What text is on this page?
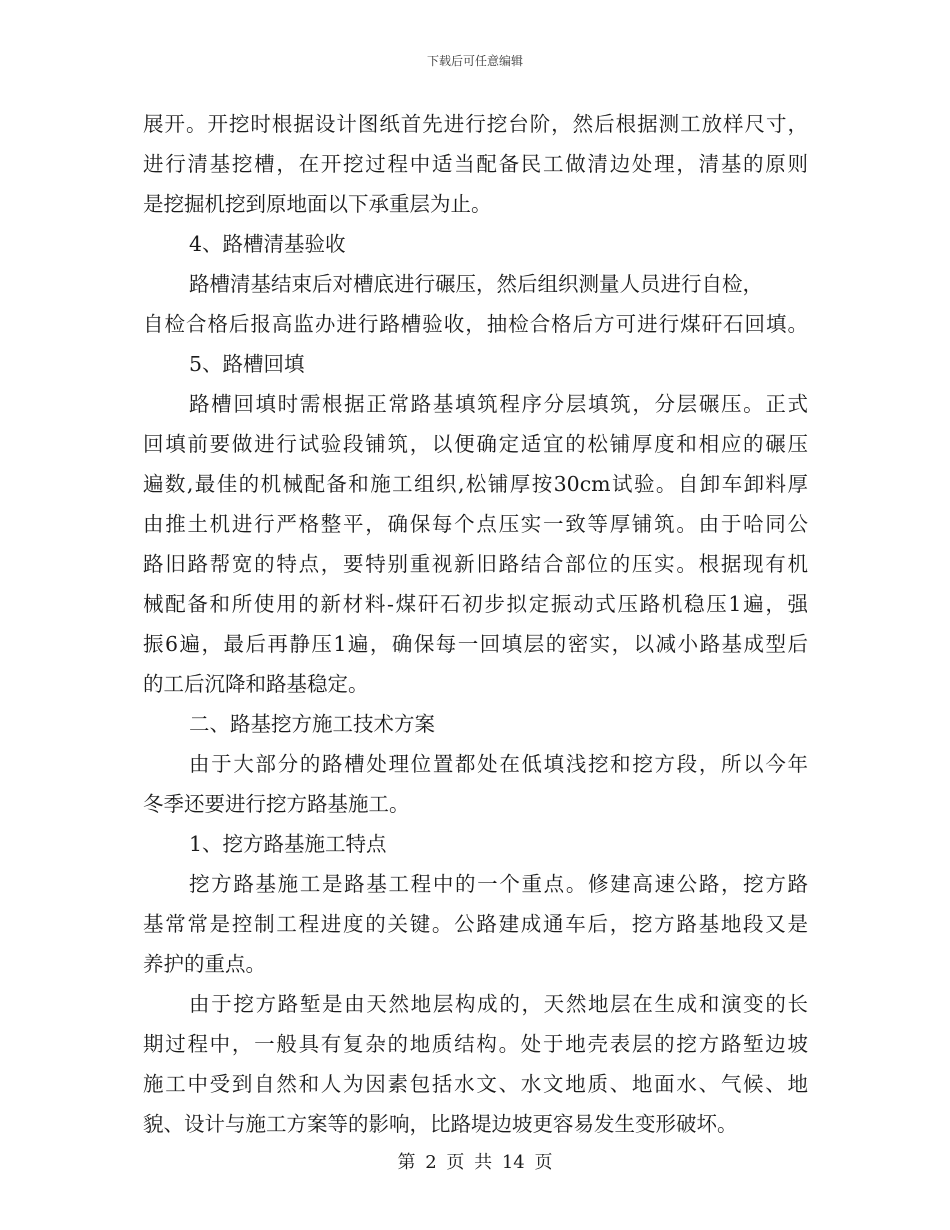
下载后可任意编辑
展开。开挖时根据设计图纸首先进行挖台阶，然后根据测工放样尺寸，
进行清基挖槽，在开挖过程中适当配备民工做清边处理，清基的原则
是挖掘机挖到原地面以下承重层为止。
4、路槽清基验收
路槽清基结束后对槽底进行碾压，然后组织测量人员进行自检，
自检合格后报高监办进行路槽验收，抽检合格后方可进行煤矸石回填。
5、路槽回填
路槽回填时需根据正常路基填筑程序分层填筑，分层碾压。正式
回填前要做进行试验段铺筑，以便确定适宜的松铺厚度和相应的碾压
遍数,最佳的机械配备和施工组织,松铺厚按30cm试验。自卸车卸料厚
由推土机进行严格整平，确保每个点压实一致等厚铺筑。由于哈同公
路旧路帮宽的特点，要特别重视新旧路结合部位的压实。根据现有机
械配备和所使用的新材料-煤矸石初步拟定振动式压路机稳压1遍，强
振6遍，最后再静压1遍，确保每一回填层的密实，以减小路基成型后
的工后沉降和路基稳定。
二、路基挖方施工技术方案
由于大部分的路槽处理位置都处在低填浅挖和挖方段，所以今年
冬季还要进行挖方路基施工。
1、挖方路基施工特点
挖方路基施工是路基工程中的一个重点。修建高速公路，挖方路
基常常是控制工程进度的关键。公路建成通车后，挖方路基地段又是
养护的重点。
由于挖方路堑是由天然地层构成的，天然地层在生成和演变的长
期过程中，一般具有复杂的地质结构。处于地壳表层的挖方路堑边坡
施工中受到自然和人为因素包括水文、水文地质、地面水、气候、地
貌、设计与施工方案等的影响，比路堤边坡更容易发生变形破坏。
第 2 页 共 14 页
